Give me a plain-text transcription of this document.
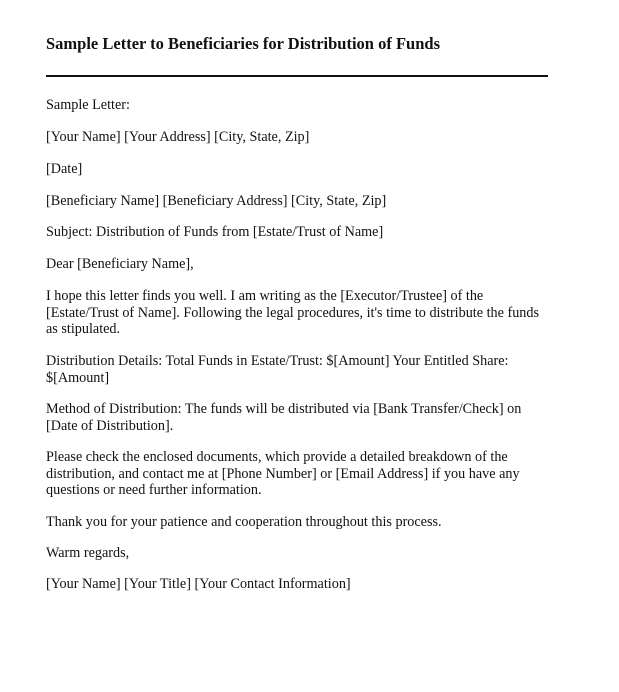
Sample Letter to Beneficiaries for Distribution of Funds

Sample Letter:

[Your Name] [Your Address] [City, State, Zip]

[Date]

[Beneficiary Name] [Beneficiary Address] [City, State, Zip]

Subject: Distribution of Funds from [Estate/Trust of Name]

Dear [Beneficiary Name],

I hope this letter finds you well. I am writing as the [Executor/Trustee] of the [Estate/Trust of Name]. Following the legal procedures, it's time to distribute the funds as stipulated.

Distribution Details: Total Funds in Estate/Trust: $[Amount] Your Entitled Share: $[Amount]

Method of Distribution: The funds will be distributed via [Bank Transfer/Check] on [Date of Distribution].

Please check the enclosed documents, which provide a detailed breakdown of the distribution, and contact me at [Phone Number] or [Email Address] if you have any questions or need further information.

Thank you for your patience and cooperation throughout this process.

Warm regards,

[Your Name] [Your Title] [Your Contact Information]
